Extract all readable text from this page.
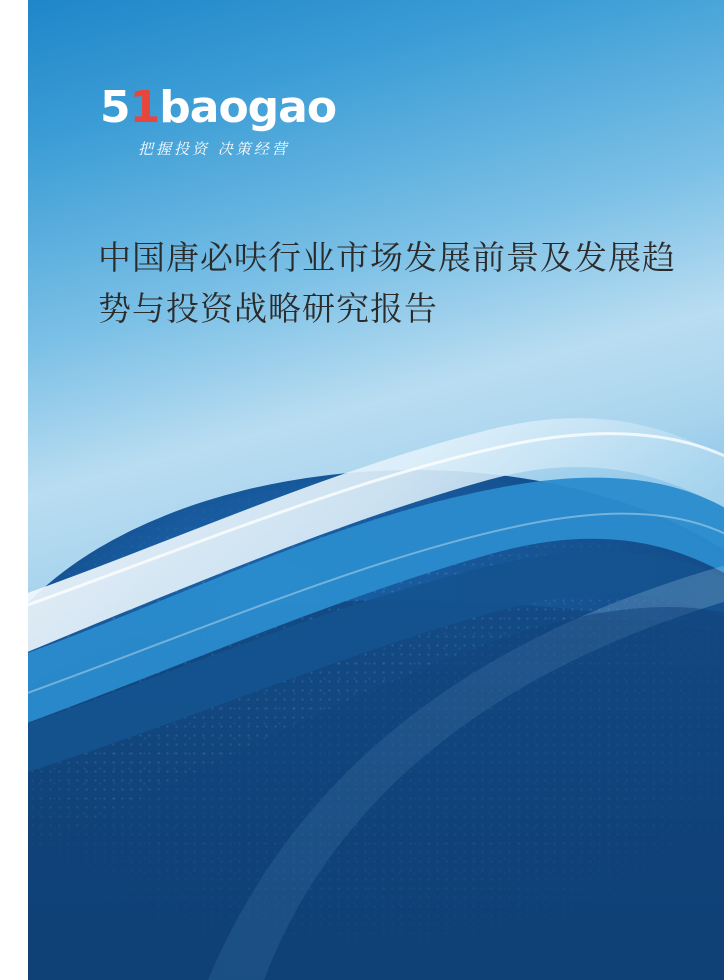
51baogao
把握投资 决策经营
中国唐必呋行业市场发展前景及发展趋势与投资战略研究报告
